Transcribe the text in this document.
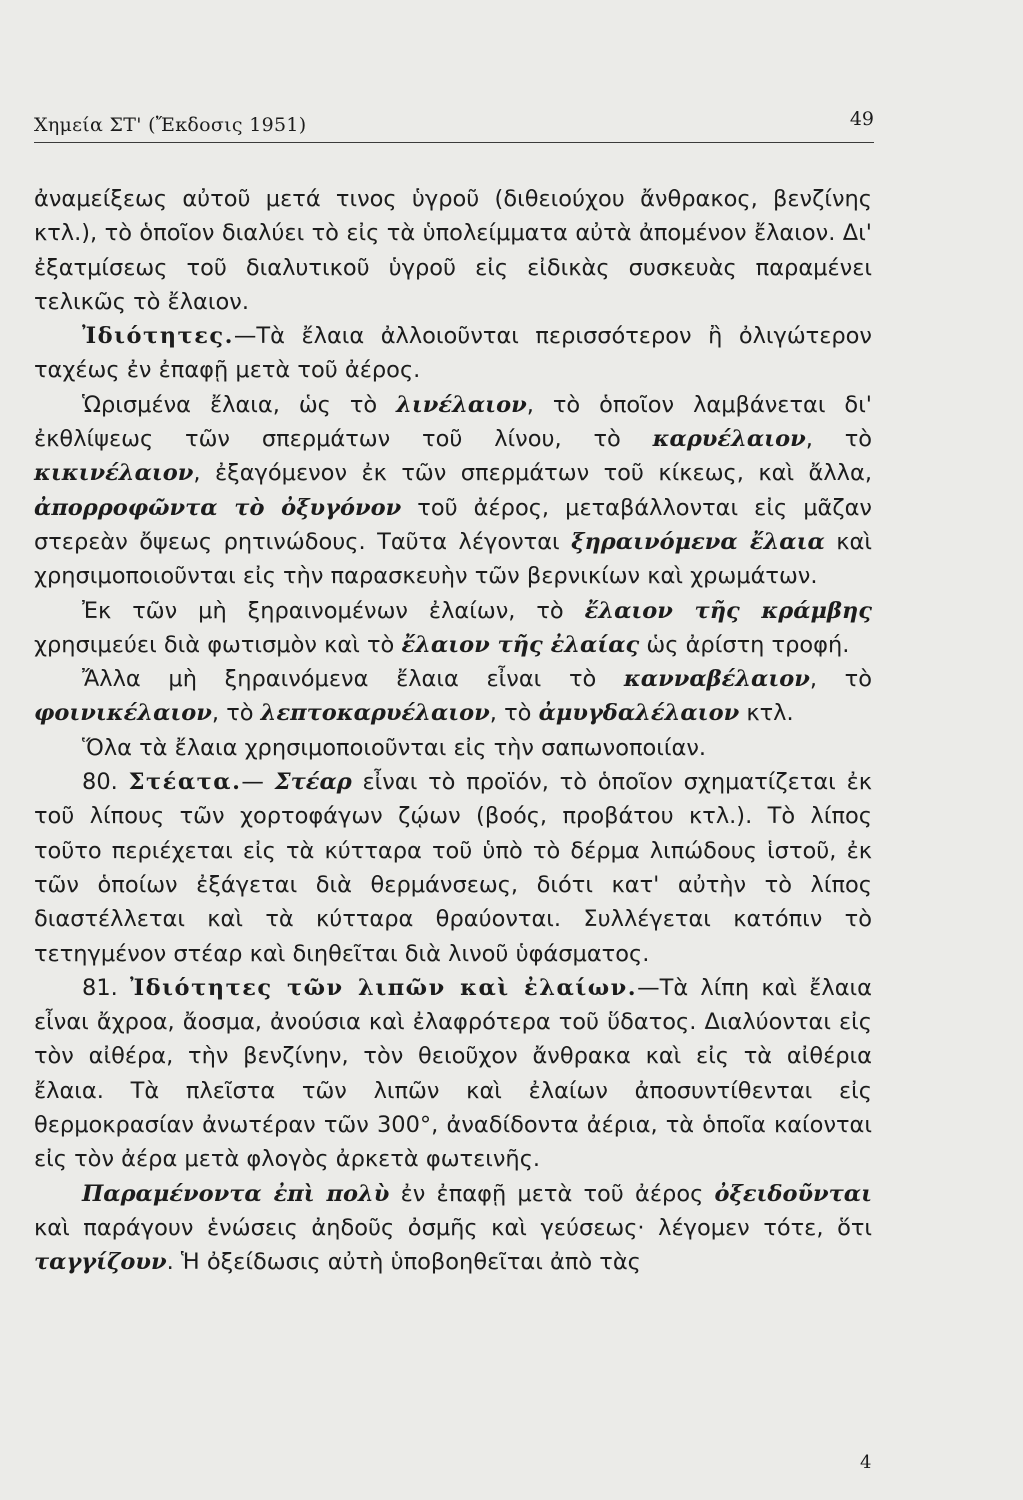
Χημεία ΣΤ' (Ἔκδοσις 1951)	49

ἀναμείξεως αὐτοῦ μετά τινος ὑγροῦ (διθειούχου ἄνθρακος, βενζίνης κτλ.), τὸ ὁποῖον διαλύει τὸ εἰς τὰ ὑπολείμματα αὐτὰ ἀπομένον ἔλαιον. Δι' ἐξατμίσεως τοῦ διαλυτικοῦ ὑγροῦ εἰς εἰδικὰς συσκευὰς παραμένει τελικῶς τὸ ἔλαιον.

Ἰδιότητες.—Τὰ ἔλαια ἀλλοιοῦνται περισσότερον ἢ ὀλιγώτερον ταχέως ἐν ἐπαφῇ μετὰ τοῦ ἀέρος.

Ὡρισμένα ἔλαια, ὡς τὸ λινέλαιον, τὸ ὁποῖον λαμβάνεται δι' ἐκθλίψεως τῶν σπερμάτων τοῦ λίνου, τὸ καρυέλαιον, τὸ κικινέλαιον, ἐξαγόμενον ἐκ τῶν σπερμάτων τοῦ κίκεως, καὶ ἄλλα, ἀπορροφῶντα τὸ ὀξυγόνον τοῦ ἀέρος, μεταβάλλονται εἰς μᾶζαν στερεὰν ὄψεως ρητινώδους. Ταῦτα λέγονται ξηραινόμενα ἔλαια καὶ χρησιμοποιοῦνται εἰς τὴν παρασκευὴν τῶν βερνικίων καὶ χρωμάτων.

Ἐκ τῶν μὴ ξηραινομένων ἐλαίων, τὸ ἔλαιον τῆς κράμβης χρησιμεύει διὰ φωτισμὸν καὶ τὸ ἔλαιον τῆς ἐλαίας ὡς ἀρίστη τροφή.

Ἄλλα μὴ ξηραινόμενα ἔλαια εἶναι τὸ κανναβέλαιον, τὸ φοινικέλαιον, τὸ λεπτοκαρυέλαιον, τὸ ἀμυγδαλέλαιον κτλ.

Ὅλα τὰ ἔλαια χρησιμοποιοῦνται εἰς τὴν σαπωνοποιίαν.

80. Στέατα.— Στέαρ εἶναι τὸ προϊόν, τὸ ὁποῖον σχηματίζεται ἐκ τοῦ λίπους τῶν χορτοφάγων ζῴων (βοός, προβάτου κτλ.). Τὸ λίπος τοῦτο περιέχεται εἰς τὰ κύτταρα τοῦ ὑπὸ τὸ δέρμα λιπώδους ἱστοῦ, ἐκ τῶν ὁποίων ἐξάγεται διὰ θερμάνσεως, διότι κατ' αὐτὴν τὸ λίπος διαστέλλεται καὶ τὰ κύτταρα θραύονται. Συλλέγεται κατόπιν τὸ τετηγμένον στέαρ καὶ διηθεῖται διὰ λινοῦ ὑφάσματος.

81. Ἰδιότητες τῶν λιπῶν καὶ ἐλαίων.—Τὰ λίπη καὶ ἔλαια εἶναι ἄχροα, ἄοσμα, ἀνούσια καὶ ἐλαφρότερα τοῦ ὕδατος. Διαλύονται εἰς τὸν αἰθέρα, τὴν βενζίνην, τὸν θειοῦχον ἄνθρακα καὶ εἰς τὰ αἰθέρια ἔλαια. Τὰ πλεῖστα τῶν λιπῶν καὶ ἐλαίων ἀποσυντίθενται εἰς θερμοκρασίαν ἀνωτέραν τῶν 300°, ἀναδίδοντα ἀέρια, τὰ ὁποῖα καίονται εἰς τὸν ἀέρα μετὰ φλογὸς ἀρκετὰ φωτεινῆς.

Παραμένοντα ἐπὶ πολὺ ἐν ἐπαφῇ μετὰ τοῦ ἀέρος ὀξειδοῦνται καὶ παράγουν ἑνώσεις ἀηδοῦς ὀσμῆς καὶ γεύσεως· λέγομεν τότε, ὅτι ταγγίζουν. Ἡ ὀξείδωσις αὐτὴ ὑποβοηθεῖται ἀπὸ τὰς

4
